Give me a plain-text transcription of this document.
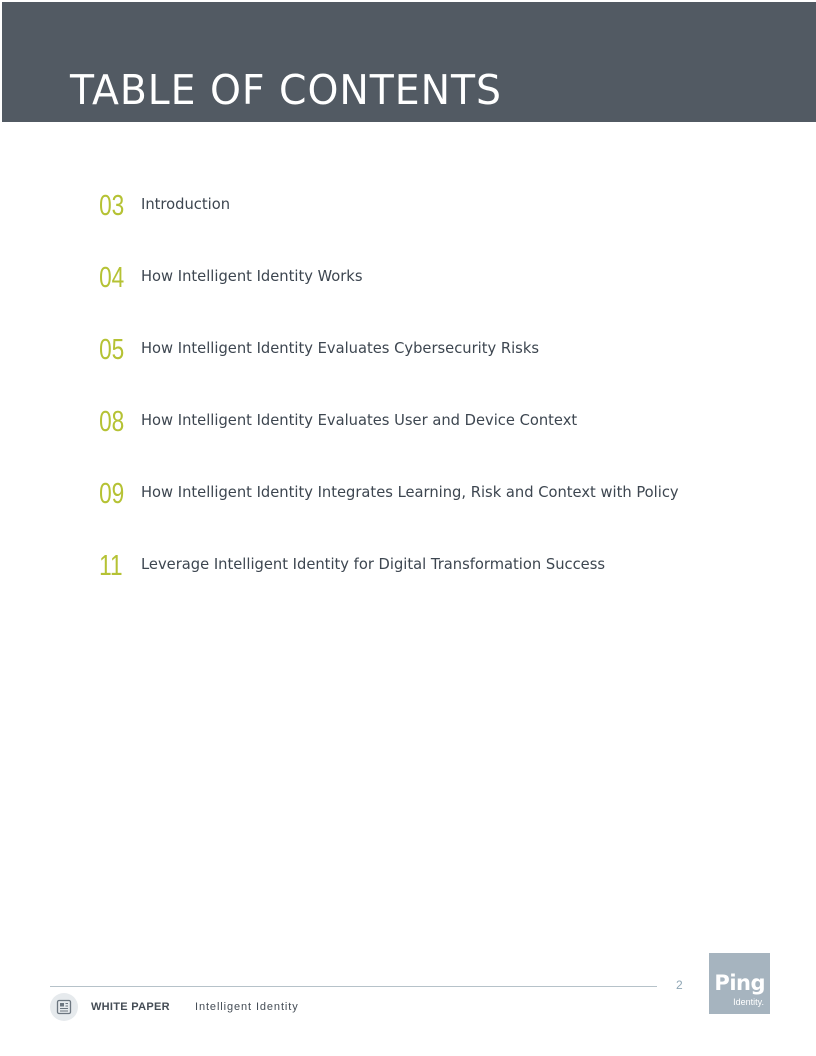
TABLE OF CONTENTS
03 Introduction
04 How Intelligent Identity Works
05 How Intelligent Identity Evaluates Cybersecurity Risks
08 How Intelligent Identity Evaluates User and Device Context
09 How Intelligent Identity Integrates Learning, Risk and Context with Policy
11 Leverage Intelligent Identity for Digital Transformation Success
2
WHITE PAPER Intelligent Identity
Ping
Identity.
